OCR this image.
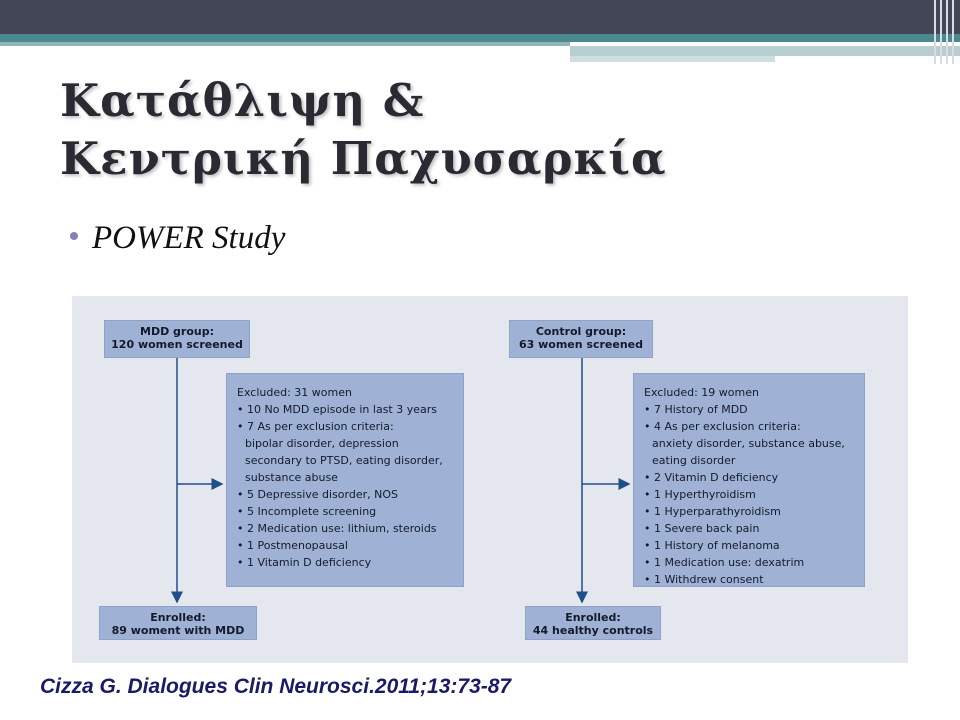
Κατάθλιψη &
Κεντρική Παχυσαρκία
POWER Study
MDD group:
120 women screened
Excluded: 31 women
• 10 No MDD episode in last 3 years
• 7 As per exclusion criteria:
bipolar disorder, depression
secondary to PTSD, eating disorder,
substance abuse
• 5 Depressive disorder, NOS
• 5 Incomplete screening
• 2 Medication use: lithium, steroids
• 1 Postmenopausal
• 1 Vitamin D deficiency
Enrolled:
89 woment with MDD
Control group:
63 women screened
Excluded: 19 women
• 7 History of MDD
• 4 As per exclusion criteria:
anxiety disorder, substance abuse,
eating disorder
• 2 Vitamin D deficiency
• 1 Hyperthyroidism
• 1 Hyperparathyroidism
• 1 Severe back pain
• 1 History of melanoma
• 1 Medication use: dexatrim
• 1 Withdrew consent
Enrolled:
44 healthy controls
Cizza G. Dialogues Clin Neurosci.2011;13:73-87
